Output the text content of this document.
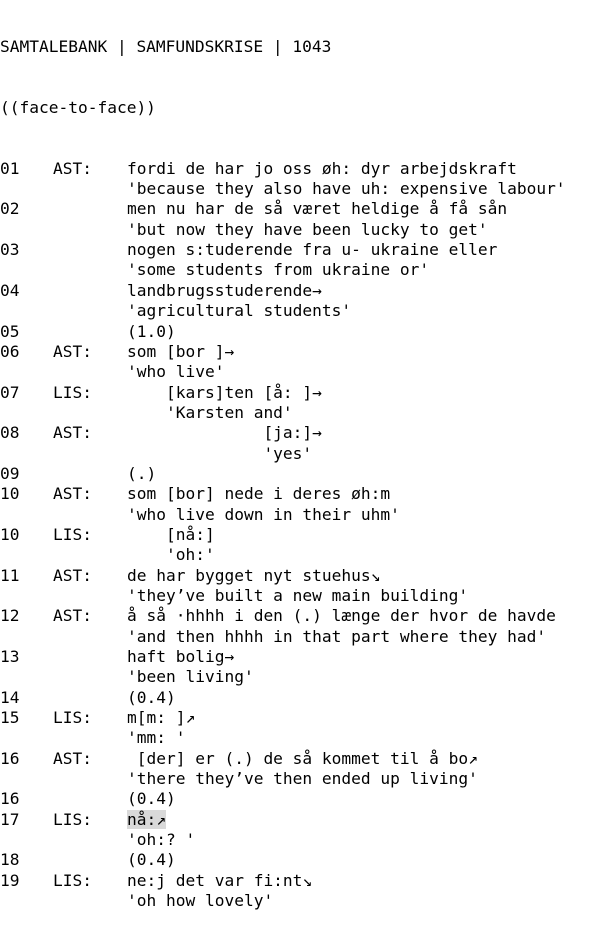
SAMTALEBANK | SAMFUNDSKRISE | 1043

((face-to-face))

01 AST: fordi de har jo oss øh: dyr arbejdskraft
'because they also have uh: expensive labour'
02	men nu har de så været heldige å få sån
'but now they have been lucky to get'
03	nogen s:tuderende fra u- ukraine eller
'some students from ukraine or'
04	landbrugsstuderende→
'agricultural students'
05	(1.0)
06 AST: som [bor ]→
'who live'
07 LIS:    [kars]ten [å: ]→
'Karsten and'
08 AST:              [ja:]→
'yes'
09	(.)
10 AST: som [bor] nede i deres øh:m
'who live down in their uhm'
10 LIS:    [nå:]
'oh:'
11 AST: de har bygget nyt stuehus↘
'they’ve built a new main building'
12 AST: å så ·hhhh i den (.) længe der hvor de havde
'and then hhhh in that part where they had'
13	haft bolig→
'been living'
14	(0.4)
15 LIS: m[m: ]↗
'mm: '
16 AST: [der] er (.) de så kommet til å bo↗
'there they’ve then ended up living'
16	(0.4)
17 LIS: nå:↗
'oh:? '
18	(0.4)
19 LIS: ne:j det var fi:nt↘
'oh how lovely'
